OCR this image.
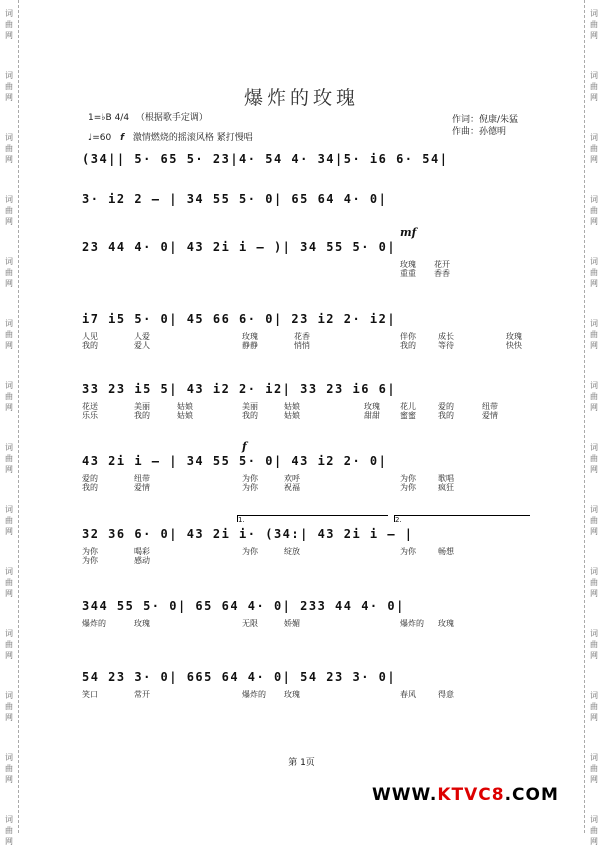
词
曲
网
词
曲
网
词
曲
网
词
曲
网
词
曲
网
词
曲
网
词
曲
网
词
曲
网
词
曲
网
词
曲
网
词
曲
网
词
曲
网
词
曲
网
词
曲
网
词
曲
网
词
曲
网
词
曲
网
词
曲
网
词
曲
网
词
曲
网
词
曲
网
词
曲
网
词
曲
网
词
曲
网
词
曲
网
词
曲
网
词
曲
网
词
曲
网
爆炸的玫瑰
1=♭B 4/4 （根据歌手定调）
♩=60 f 激情燃烧的摇滚风格 紧打慢唱
作词：倪康/朱猛
作曲：孙德明
(34|| 5· 65 5· 23|4· 54 4· 34|5· i6 6· 54|
3· i2 2 – | 34 55 5· 0| 65 64 4· 0|
23 44 4· 0| 43 2i i – )| 34 55 5· 0|
mf
玫瑰 花开
重重 香香
i7 i5 5· 0| 45 66 6· 0| 23 i2 2· i2|
人见	人爱
我的	爱人
玫瑰	花香
静静	悄悄
伴你	成长	玫瑰
我的	等待	快快
33 23 i5 5| 43 i2 2· i2| 33 23 i6 6|
花送	美丽	姑娘
乐乐	我的	姑娘
美丽	姑娘
我的	姑娘
玫瑰	花儿	爱的	纽带
甜甜	蜜蜜	我的	爱情
43 2i i – | 34 55 5· 0| 43 i2 2· 0|
f
爱的	纽带
我的	爱情
为你	欢呼
为你	祝福
为你	歌唱
为你	疯狂
32 36 6· 0| 43 2i i· (34:| 43 2i i – |
1.	2.
为你	喝彩
为你	感动
为你	绽放	为你	畅想
344 55 5· 0| 65 64 4· 0| 233 44 4· 0|
爆炸的	玫瑰	无限	娇媚	爆炸的 玫瑰
54 23 3· 0| 665 64 4· 0| 54 23 3· 0|
笑口	常开	爆炸的 玫瑰	春风	得意
第 1页
WWW.KTVC8.COM
